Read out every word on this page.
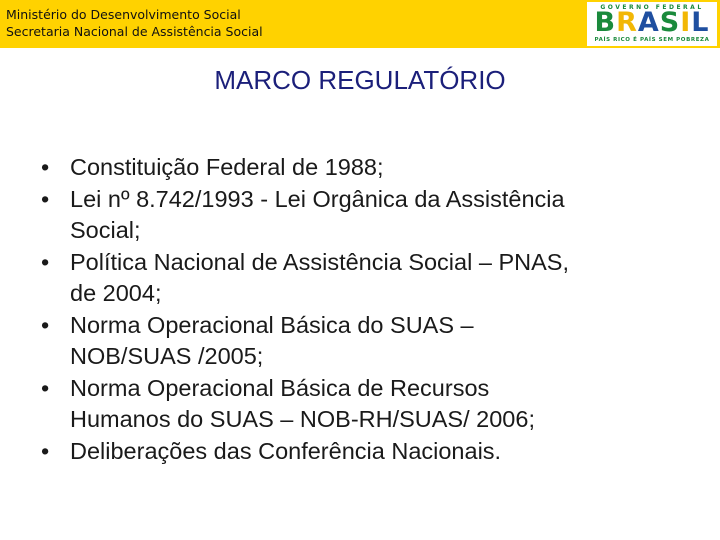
Ministério do Desenvolvimento Social
Secretaria Nacional de Assistência Social
GOVERNO FEDERAL
BRASIL
PAÍS RICO É PAÍS SEM POBREZA
MARCO REGULATÓRIO
• Constituição Federal de 1988;
• Lei nº 8.742/1993 - Lei Orgânica da Assistência
Social;
• Política Nacional de Assistência Social – PNAS,
de 2004;
• Norma Operacional Básica do SUAS –
NOB/SUAS /2005;
• Norma Operacional Básica de Recursos
Humanos do SUAS – NOB-RH/SUAS/ 2006;
• Deliberações das Conferência Nacionais.
